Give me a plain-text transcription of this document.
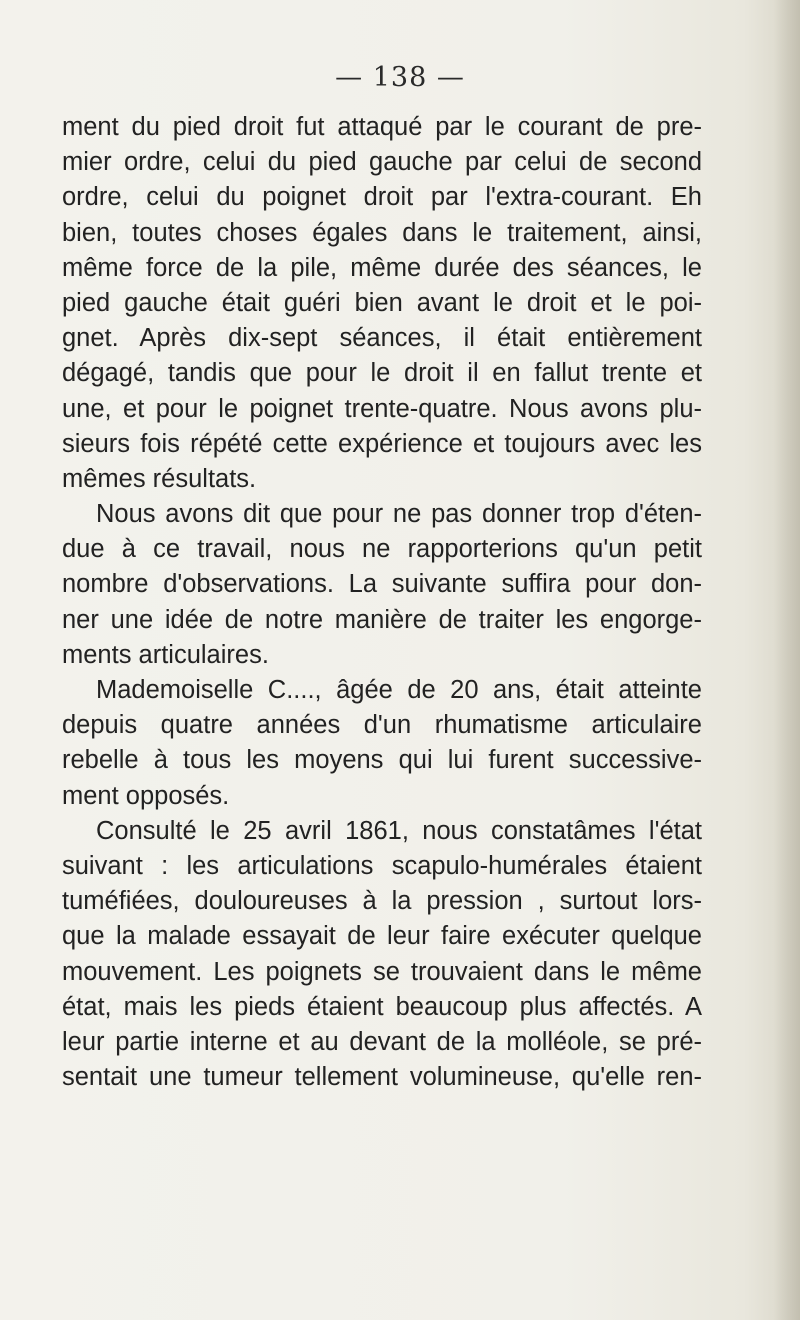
— 138 —
ment du pied droit fut attaqué par le courant de pre-
mier ordre, celui du pied gauche par celui de second
ordre, celui du poignet droit par l'extra-courant. Eh
bien, toutes choses égales dans le traitement, ainsi,
même force de la pile, même durée des séances, le
pied gauche était guéri bien avant le droit et le poi-
gnet. Après dix-sept séances, il était entièrement
dégagé, tandis que pour le droit il en fallut trente et
une, et pour le poignet trente-quatre. Nous avons plu-
sieurs fois répété cette expérience et toujours avec les
mêmes résultats.
Nous avons dit que pour ne pas donner trop d'éten-
due à ce travail, nous ne rapporterions qu'un petit
nombre d'observations. La suivante suffira pour don-
ner une idée de notre manière de traiter les engorge-
ments articulaires.
Mademoiselle C...., âgée de 20 ans, était atteinte
depuis quatre années d'un rhumatisme articulaire
rebelle à tous les moyens qui lui furent successive-
ment opposés.
Consulté le 25 avril 1861, nous constatâmes l'état
suivant : les articulations scapulo-humérales étaient
tuméfiées, douloureuses à la pression , surtout lors-
que la malade essayait de leur faire exécuter quelque
mouvement. Les poignets se trouvaient dans le même
état, mais les pieds étaient beaucoup plus affectés. A
leur partie interne et au devant de la molléole, se pré-
sentait une tumeur tellement volumineuse, qu'elle ren-
